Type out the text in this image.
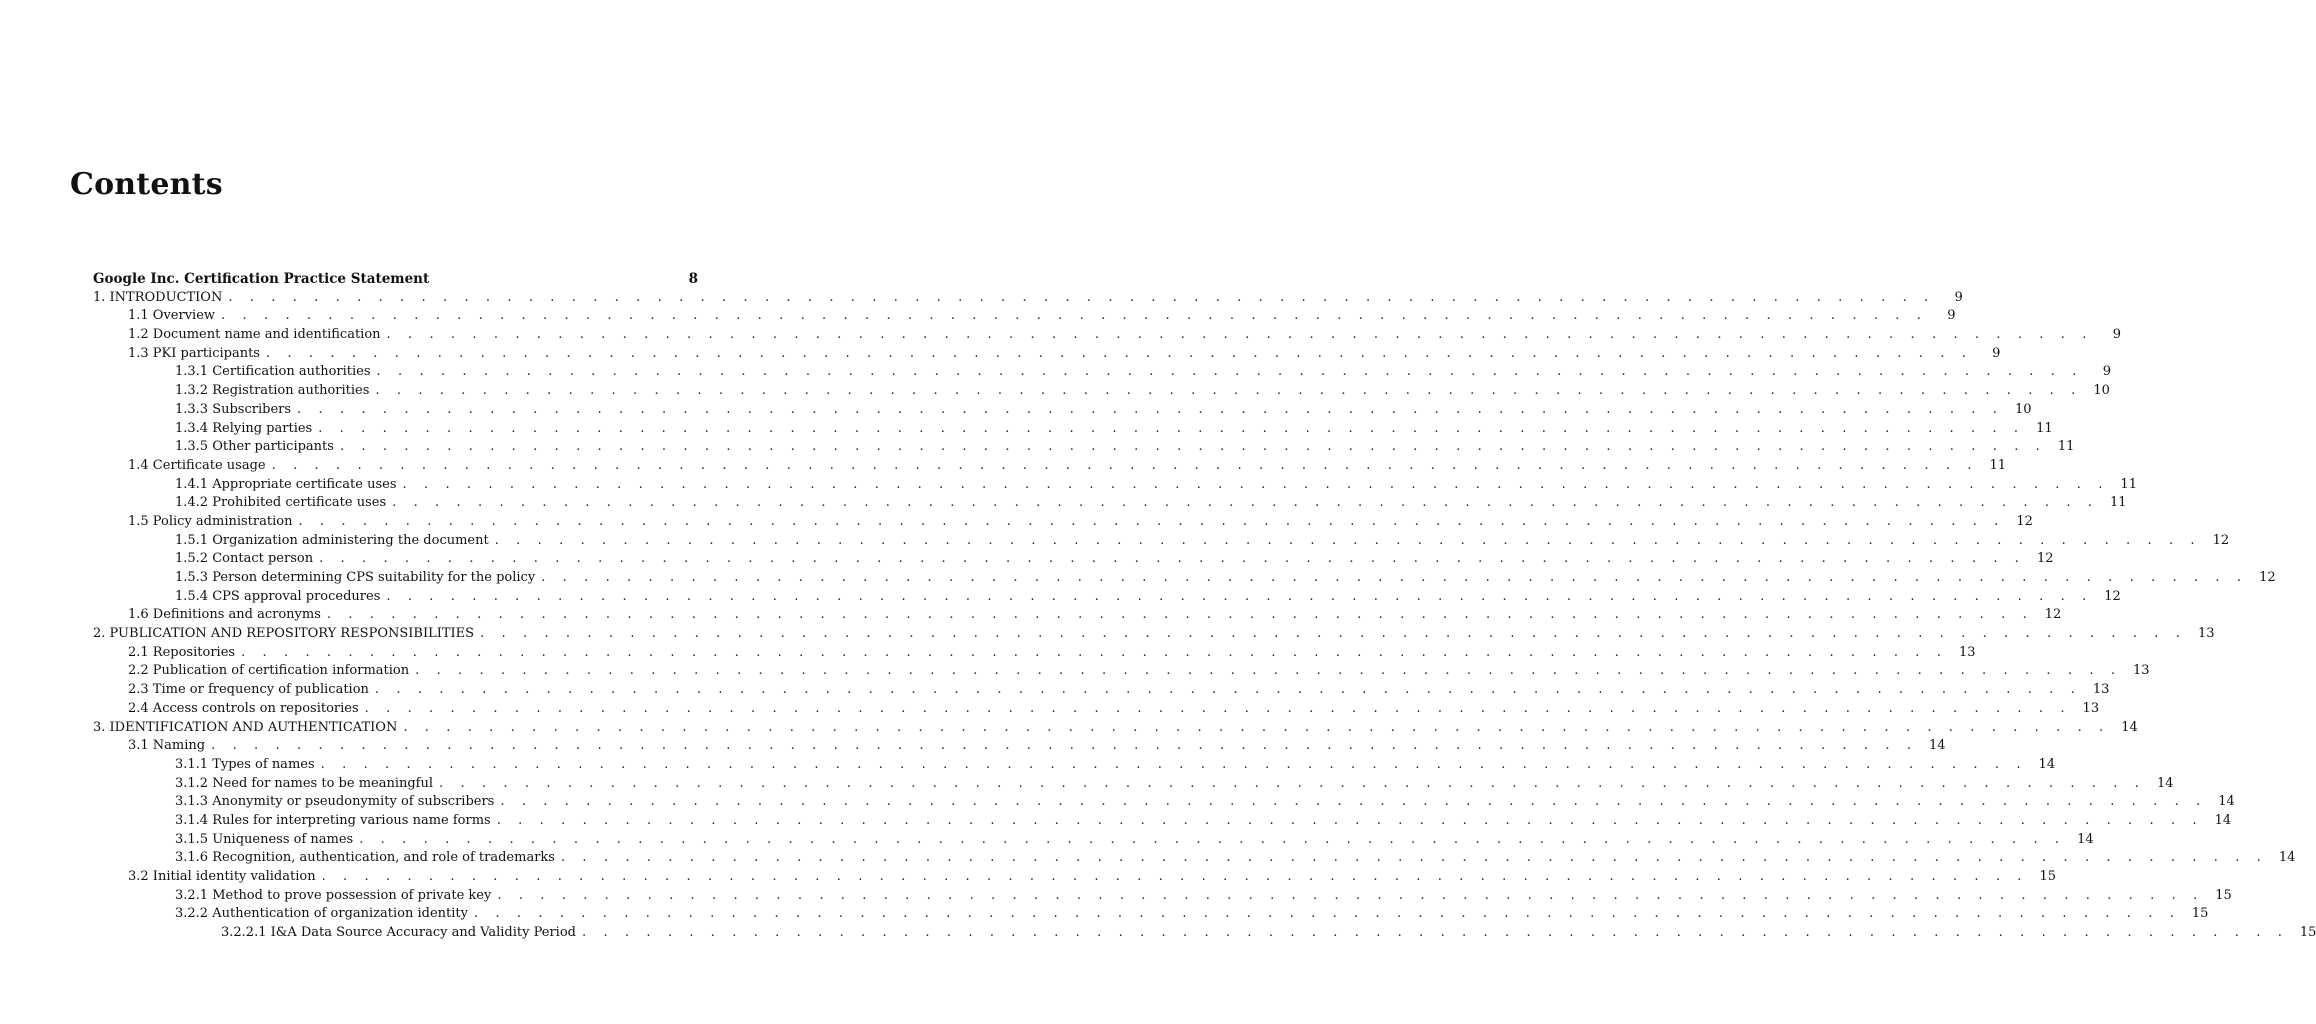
Contents
Google Inc. Certification Practice Statement	8
1. INTRODUCTION . . . . . . . . . . . . . . . . . . . . . . . . . . . . . . . . . . . . . . . . . . . . . . . . . . . . . . . . . . . . . . . . . . . . . . . . . . . . . . . .	9
1.1 Overview . . . . . . . . . . . . . . . . . . . . . . . . . . . . . . . . . . . . . . . . . . . . . . . . . . . . . . . . . . . . . . . . . . . . . . . . . . . . . . . .	9
1.2 Document name and identification . . . . . . . . . . . . . . . . . . . . . . . . . . . . . . . . . . . . . . . . . . . . . . . . . . . . . . . . . . . . . . . . . . . . . . . . . . . . . . . .	9
1.3 PKI participants . . . . . . . . . . . . . . . . . . . . . . . . . . . . . . . . . . . . . . . . . . . . . . . . . . . . . . . . . . . . . . . . . . . . . . . . . . . . . . . .	9
1.3.1 Certification authorities . . . . . . . . . . . . . . . . . . . . . . . . . . . . . . . . . . . . . . . . . . . . . . . . . . . . . . . . . . . . . . . . . . . . . . . . . . . . . . . .	9
1.3.2 Registration authorities . . . . . . . . . . . . . . . . . . . . . . . . . . . . . . . . . . . . . . . . . . . . . . . . . . . . . . . . . . . . . . . . . . . . . . . . . . . . . . . . 10
1.3.3 Subscribers . . . . . . . . . . . . . . . . . . . . . . . . . . . . . . . . . . . . . . . . . . . . . . . . . . . . . . . . . . . . . . . . . . . . . . . . . . . . . . . . 10
1.3.4 Relying parties . . . . . . . . . . . . . . . . . . . . . . . . . . . . . . . . . . . . . . . . . . . . . . . . . . . . . . . . . . . . . . . . . . . . . . . . . . . . . . . . 11
1.3.5 Other participants . . . . . . . . . . . . . . . . . . . . . . . . . . . . . . . . . . . . . . . . . . . . . . . . . . . . . . . . . . . . . . . . . . . . . . . . . . . . . . . . 11
1.4 Certificate usage . . . . . . . . . . . . . . . . . . . . . . . . . . . . . . . . . . . . . . . . . . . . . . . . . . . . . . . . . . . . . . . . . . . . . . . . . . . . . . . . 11
1.4.1 Appropriate certificate uses . . . . . . . . . . . . . . . . . . . . . . . . . . . . . . . . . . . . . . . . . . . . . . . . . . . . . . . . . . . . . . . . . . . . . . . . . . . . . . . . 11
1.4.2 Prohibited certificate uses . . . . . . . . . . . . . . . . . . . . . . . . . . . . . . . . . . . . . . . . . . . . . . . . . . . . . . . . . . . . . . . . . . . . . . . . . . . . . . . . 11
1.5 Policy administration . . . . . . . . . . . . . . . . . . . . . . . . . . . . . . . . . . . . . . . . . . . . . . . . . . . . . . . . . . . . . . . . . . . . . . . . . . . . . . . . 12
1.5.1 Organization administering the document . . . . . . . . . . . . . . . . . . . . . . . . . . . . . . . . . . . . . . . . . . . . . . . . . . . . . . . . . . . . . . . . . . . . . . . . . . . . . . . . 12
1.5.2 Contact person . . . . . . . . . . . . . . . . . . . . . . . . . . . . . . . . . . . . . . . . . . . . . . . . . . . . . . . . . . . . . . . . . . . . . . . . . . . . . . . . 12
1.5.3 Person determining CPS suitability for the policy . . . . . . . . . . . . . . . . . . . . . . . . . . . . . . . . . . . . . . . . . . . . . . . . . . . . . . . . . . . . . . . . . . . . . . . . . . . . . . . . 12
1.5.4 CPS approval procedures . . . . . . . . . . . . . . . . . . . . . . . . . . . . . . . . . . . . . . . . . . . . . . . . . . . . . . . . . . . . . . . . . . . . . . . . . . . . . . . . 12
1.6 Definitions and acronyms . . . . . . . . . . . . . . . . . . . . . . . . . . . . . . . . . . . . . . . . . . . . . . . . . . . . . . . . . . . . . . . . . . . . . . . . . . . . . . . . 12
2. PUBLICATION AND REPOSITORY RESPONSIBILITIES . . . . . . . . . . . . . . . . . . . . . . . . . . . . . . . . . . . . . . . . . . . . . . . . . . . . . . . . . . . . . . . . . . . . . . . . . . . . . . . . 13
2.1 Repositories . . . . . . . . . . . . . . . . . . . . . . . . . . . . . . . . . . . . . . . . . . . . . . . . . . . . . . . . . . . . . . . . . . . . . . . . . . . . . . . . 13
2.2 Publication of certification information . . . . . . . . . . . . . . . . . . . . . . . . . . . . . . . . . . . . . . . . . . . . . . . . . . . . . . . . . . . . . . . . . . . . . . . . . . . . . . . . 13
2.3 Time or frequency of publication . . . . . . . . . . . . . . . . . . . . . . . . . . . . . . . . . . . . . . . . . . . . . . . . . . . . . . . . . . . . . . . . . . . . . . . . . . . . . . . . 13
2.4 Access controls on repositories . . . . . . . . . . . . . . . . . . . . . . . . . . . . . . . . . . . . . . . . . . . . . . . . . . . . . . . . . . . . . . . . . . . . . . . . . . . . . . . . 13
3. IDENTIFICATION AND AUTHENTICATION . . . . . . . . . . . . . . . . . . . . . . . . . . . . . . . . . . . . . . . . . . . . . . . . . . . . . . . . . . . . . . . . . . . . . . . . . . . . . . . . 14
3.1 Naming . . . . . . . . . . . . . . . . . . . . . . . . . . . . . . . . . . . . . . . . . . . . . . . . . . . . . . . . . . . . . . . . . . . . . . . . . . . . . . . . 14
3.1.1 Types of names . . . . . . . . . . . . . . . . . . . . . . . . . . . . . . . . . . . . . . . . . . . . . . . . . . . . . . . . . . . . . . . . . . . . . . . . . . . . . . . . 14
3.1.2 Need for names to be meaningful . . . . . . . . . . . . . . . . . . . . . . . . . . . . . . . . . . . . . . . . . . . . . . . . . . . . . . . . . . . . . . . . . . . . . . . . . . . . . . . . 14
3.1.3 Anonymity or pseudonymity of subscribers . . . . . . . . . . . . . . . . . . . . . . . . . . . . . . . . . . . . . . . . . . . . . . . . . . . . . . . . . . . . . . . . . . . . . . . . . . . . . . . . 14
3.1.4 Rules for interpreting various name forms . . . . . . . . . . . . . . . . . . . . . . . . . . . . . . . . . . . . . . . . . . . . . . . . . . . . . . . . . . . . . . . . . . . . . . . . . . . . . . . . 14
3.1.5 Uniqueness of names . . . . . . . . . . . . . . . . . . . . . . . . . . . . . . . . . . . . . . . . . . . . . . . . . . . . . . . . . . . . . . . . . . . . . . . . . . . . . . . . 14
3.1.6 Recognition, authentication, and role of trademarks . . . . . . . . . . . . . . . . . . . . . . . . . . . . . . . . . . . . . . . . . . . . . . . . . . . . . . . . . . . . . . . . . . . . . . . . . . . . . . . . 14
3.2 Initial identity validation . . . . . . . . . . . . . . . . . . . . . . . . . . . . . . . . . . . . . . . . . . . . . . . . . . . . . . . . . . . . . . . . . . . . . . . . . . . . . . . . 15
3.2.1 Method to prove possession of private key . . . . . . . . . . . . . . . . . . . . . . . . . . . . . . . . . . . . . . . . . . . . . . . . . . . . . . . . . . . . . . . . . . . . . . . . . . . . . . . . 15
3.2.2 Authentication of organization identity . . . . . . . . . . . . . . . . . . . . . . . . . . . . . . . . . . . . . . . . . . . . . . . . . . . . . . . . . . . . . . . . . . . . . . . . . . . . . . . . 15
3.2.2.1 I&A Data Source Accuracy and Validity Period . . . . . . . . . . . . . . . . . . . . . . . . . . . . . . . . . . . . . . . . . . . . . . . . . . . . . . . . . . . . . . . . . . . . . . . . . . . . . . . . 15
